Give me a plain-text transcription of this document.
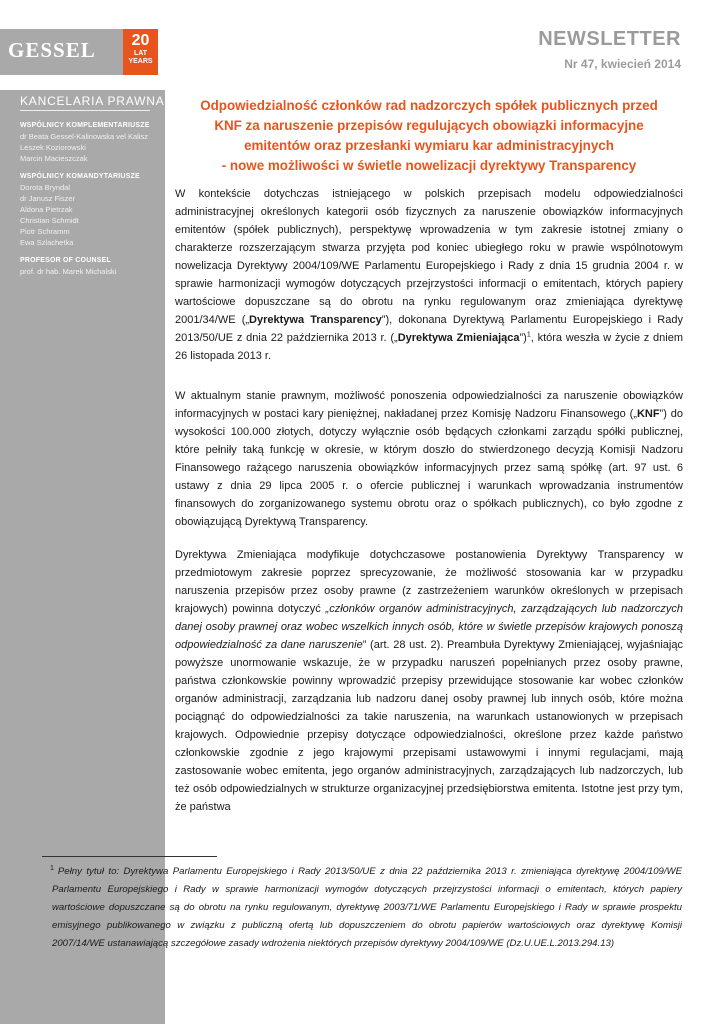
GESSEL	20
LAT
YEARS
KANCELARIA PRAWNA
WSPÓLNICY KOMPLEMENTARIUSZE
dr Beata Gessel-Kalinowska vel Kalisz
Leszek Koziorowski
Marcin Macieszczak
WSPÓLNICY KOMANDYTARIUSZE
Dorota Bryndal
dr Janusz Fiszer
Aldona Pietrzak
Christian Schmidt
Piotr Schramm
Ewa Szlachetka
PROFESOR OF COUNSEL
prof. dr hab. Marek Michalski
NEWSLETTER
Nr 47, kwiecień 2014
Odpowiedzialność członków rad nadzorczych spółek publicznych przed
KNF za naruszenie przepisów regulujących obowiązki informacyjne
emitentów oraz przesłanki wymiaru kar administracyjnych
- nowe możliwości w świetle nowelizacji dyrektywy Transparency

W kontekście dotychczas istniejącego w polskich przepisach modelu odpowiedzialności administracyjnej określonych kategorii osób fizycznych za naruszenie obowiązków informacyjnych emitentów (spółek publicznych), perspektywę wprowadzenia w tym zakresie istotnej zmiany o charakterze rozszerzającym stwarza przyjęta pod koniec ubiegłego roku w prawie wspólnotowym nowelizacja Dyrektywy 2004/109/WE Parlamentu Europejskiego i Rady z dnia 15 grudnia 2004 r. w sprawie harmonizacji wymogów dotyczących przejrzystości informacji o emitentach, których papiery wartościowe dopuszczane są do obrotu na rynku regulowanym oraz zmieniająca dyrektywę 2001/34/WE („Dyrektywa Transparency”), dokonana Dyrektywą Parlamentu Europejskiego i Rady 2013/50/UE z dnia 22 października 2013 r. („Dyrektywa Zmieniająca”)$^1$, która weszła w życie z dniem 26 listopada 2013 r.

W aktualnym stanie prawnym, możliwość ponoszenia odpowiedzialności za naruszenie obowiązków informacyjnych w postaci kary pieniężnej, nakładanej przez Komisję Nadzoru Finansowego („KNF”) do wysokości 100.000 złotych, dotyczy wyłącznie osób będących członkami zarządu spółki publicznej, które pełniły taką funkcję w okresie, w którym doszło do stwierdzonego decyzją Komisji Nadzoru Finansowego rażącego naruszenia obowiązków informacyjnych przez samą spółkę (art. 97 ust. 6 ustawy z dnia 29 lipca 2005 r. o ofercie publicznej i warunkach wprowadzania instrumentów finansowych do zorganizowanego systemu obrotu oraz o spółkach publicznych), co było zgodne z obowiązującą Dyrektywą Transparency.

Dyrektywa Zmieniająca modyfikuje dotychczasowe postanowienia Dyrektywy Transparency w przedmiotowym zakresie poprzez sprecyzowanie, że możliwość stosowania kar w przypadku naruszenia przepisów przez osoby prawne (z zastrzeżeniem warunków określonych w przepisach krajowych) powinna dotyczyć „członków organów administracyjnych, zarządzających lub nadzorczych danej osoby prawnej oraz wobec wszelkich innych osób, które w świetle przepisów krajowych ponoszą odpowiedzialność za dane naruszenie” (art. 28 ust. 2). Preambuła Dyrektywy Zmieniającej, wyjaśniając powyższe unormowanie wskazuje, że w przypadku naruszeń popełnianych przez osoby prawne, państwa członkowskie powinny wprowadzić przepisy przewidujące stosowanie kar wobec członków organów administracji, zarządzania lub nadzoru danej osoby prawnej lub innych osób, które można pociągnąć do odpowiedzialności za takie naruszenia, na warunkach ustanowionych w przepisach krajowych. Odpowiednie przepisy dotyczące odpowiedzialności, określone przez każde państwo członkowskie zgodnie z jego krajowymi przepisami ustawowymi i innymi regulacjami, mają zastosowanie wobec emitenta, jego organów administracyjnych, zarządzających lub nadzorczych, lub też osób odpowiedzialnych w strukturze organizacyjnej przedsiębiorstwa emitenta. Istotne jest przy tym, że państwa

$^1$ Pełny tytuł to: Dyrektywa Parlamentu Europejskiego i Rady 2013/50/UE z dnia 22 października 2013 r. zmieniająca dyrektywę 2004/109/WE Parlamentu Europejskiego i Rady w sprawie harmonizacji wymogów dotyczących przejrzystości informacji o emitentach, których papiery wartościowe dopuszczane są do obrotu na rynku regulowanym, dyrektywę 2003/71/WE Parlamentu Europejskiego i Rady w sprawie prospektu emisyjnego publikowanego w związku z publiczną ofertą lub dopuszczeniem do obrotu papierów wartościowych oraz dyrektywę Komisji 2007/14/WE ustanawiającą szczegółowe zasady wdrożenia niektórych przepisów dyrektywy 2004/109/WE (Dz.U.UE.L.2013.294.13)
